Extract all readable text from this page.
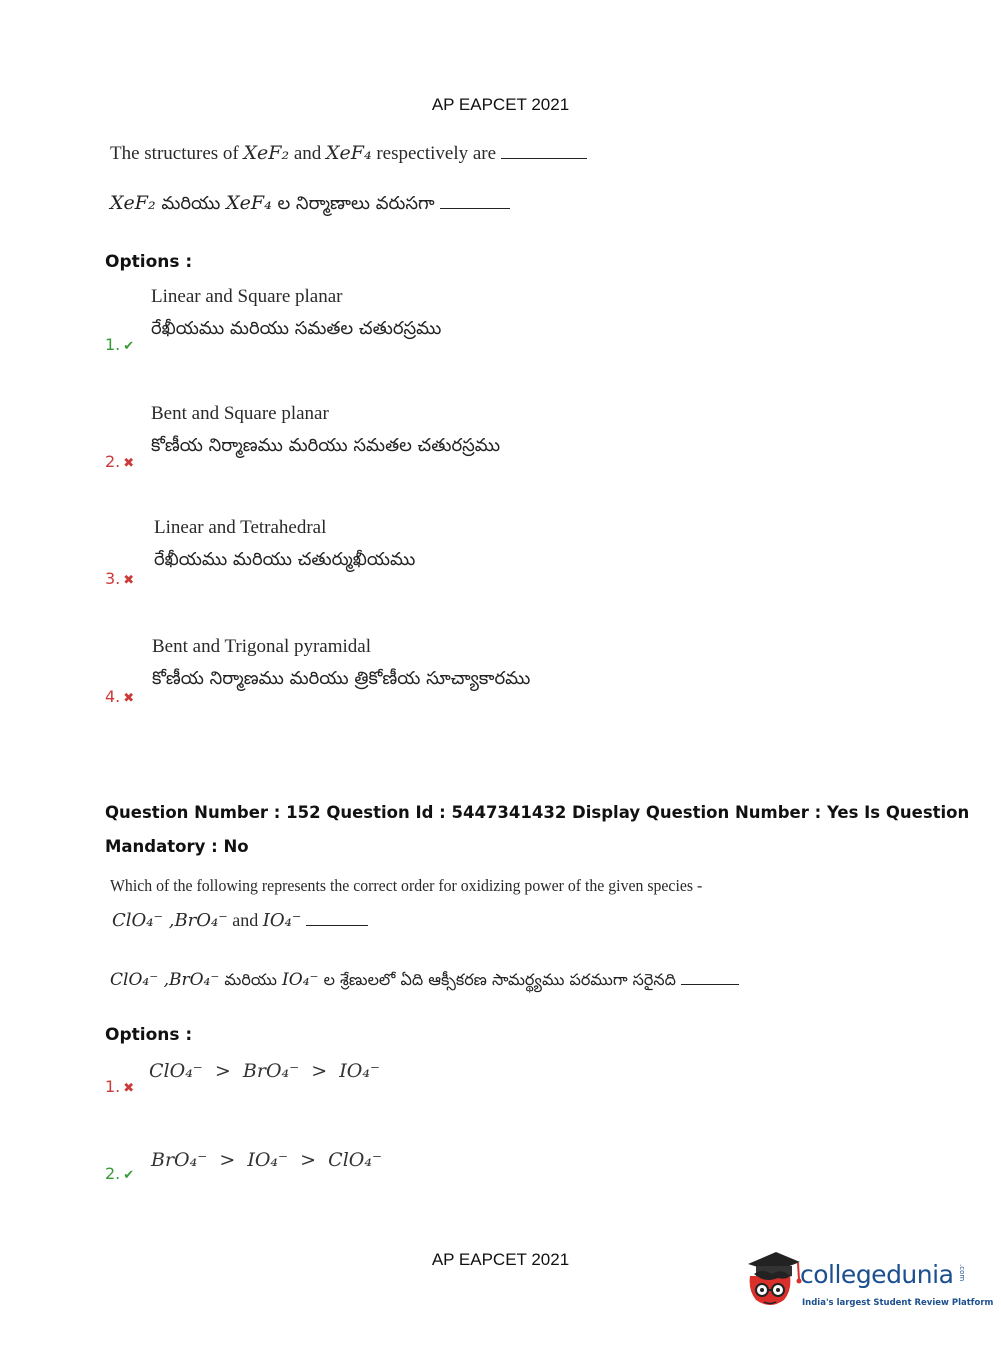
AP EAPCET 2021
The structures of XeF₂ and XeF₄ respectively are
XeF₂ మరియు XeF₄ ల నిర్మాణాలు వరుసగా
Options :
Linear and Square planar
రేఖీయము మరియు సమతల చతురస్రము
1. ✔
Bent and Square planar
కోణీయ నిర్మాణము మరియు సమతల చతురస్రము
2. ✖
Linear and Tetrahedral
రేఖీయము మరియు చతుర్ముఖీయము
3. ✖
Bent and Trigonal pyramidal
కోణీయ నిర్మాణము మరియు త్రికోణీయ సూచ్యాకారము
4. ✖
Question Number : 152 Question Id : 5447341432 Display Question Number : Yes Is Question
Mandatory : No
Which of the following represents the correct order for oxidizing power of the given species -
ClO₄⁻ ,BrO₄⁻ and IO₄⁻
ClO₄⁻ ,BrO₄⁻ మరియు IO₄⁻ ల శ్రేణులలో ఏది ఆక్సీకరణ సామర్థ్యము పరముగా సరైనది
Options :
ClO₄⁻  >  BrO₄⁻  >  IO₄⁻
1. ✖
BrO₄⁻  >  IO₄⁻  >  ClO₄⁻
2. ✔
AP EAPCET 2021
collegedunia .com
India's largest Student Review Platform
